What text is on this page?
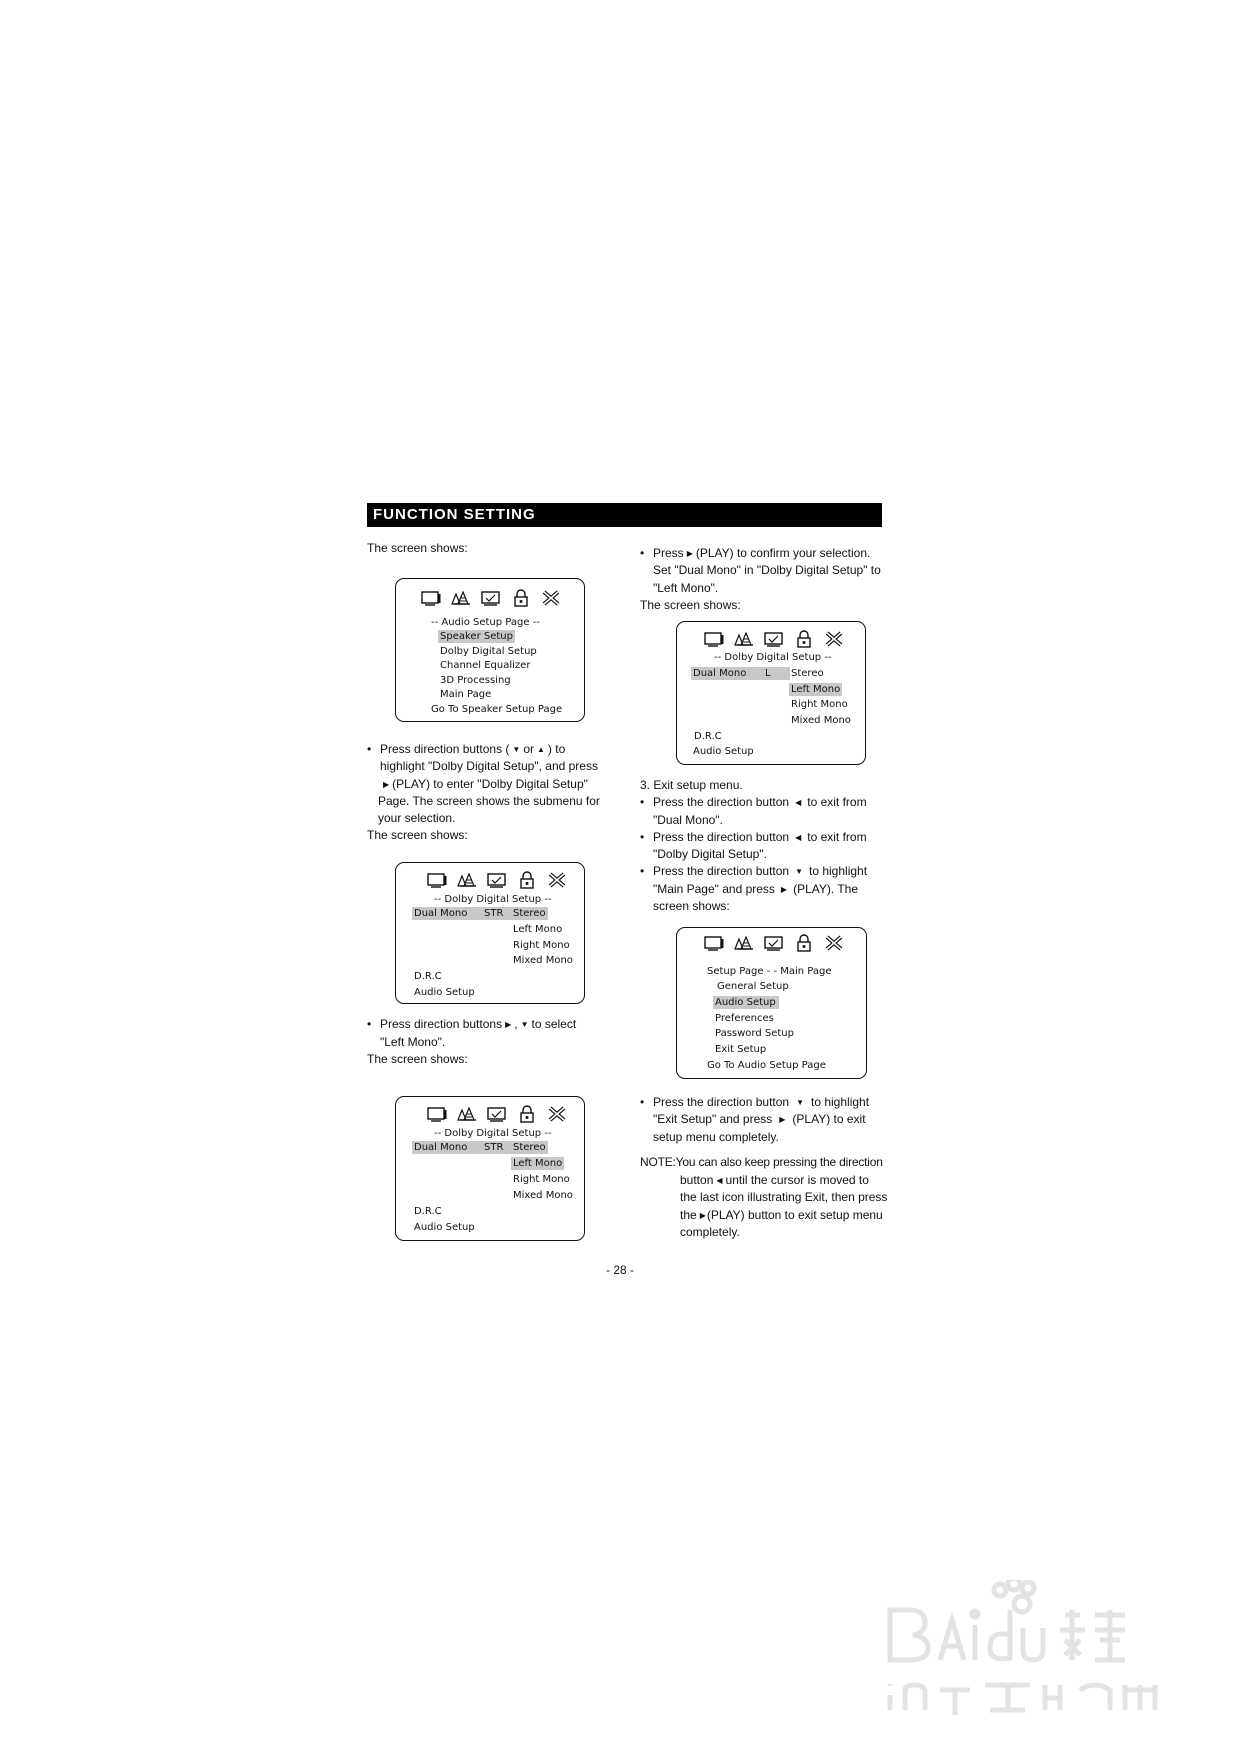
FUNCTION SETTING
The screen shows:
-- Audio Setup Page --
Speaker Setup
Dolby Digital Setup
Channel Equalizer
3D Processing
Main Page
Go To Speaker Setup Page
• Press direction buttons ( ▼ or ▲ ) to
highlight "Dolby Digital Setup", and press
▶ (PLAY) to enter "Dolby Digital Setup"
Page. The screen shows the submenu for
your selection.
The screen shows:
-- Dolby Digital Setup --
Dual Mono STR Stereo
Left Mono
Right Mono
Mixed Mono
D.R.C
Audio Setup
• Press direction buttons ▶ , ▼ to select
"Left Mono".
The screen shows:
-- Dolby Digital Setup --
Dual Mono STR Stereo
Left Mono
Right Mono
Mixed Mono
D.R.C
Audio Setup
• Press ▶ (PLAY) to confirm your selection.
Set "Dual Mono" in "Dolby Digital Setup" to
"Left Mono".
The screen shows:
-- Dolby Digital Setup --
Dual Mono L Stereo
Left Mono
Right Mono
Mixed Mono
D.R.C
Audio Setup
3. Exit setup menu.
• Press the direction button ◀ to exit from
"Dual Mono".
• Press the direction button ◀ to exit from
"Dolby Digital Setup".
• Press the direction button ▼ to highlight
"Main Page" and press ▶ (PLAY). The
screen shows:
Setup Page - - Main Page
General Setup
Audio Setup
Preferences
Password Setup
Exit Setup
Go To Audio Setup Page
• Press the direction button ▼ to highlight
"Exit Setup" and press ▶ (PLAY) to exit
setup menu completely.
NOTE:You can also keep pressing the direction
button ◀ until the cursor is moved to
the last icon illustrating Exit, then press
the ▶(PLAY) button to exit setup menu
completely.
- 28 -
